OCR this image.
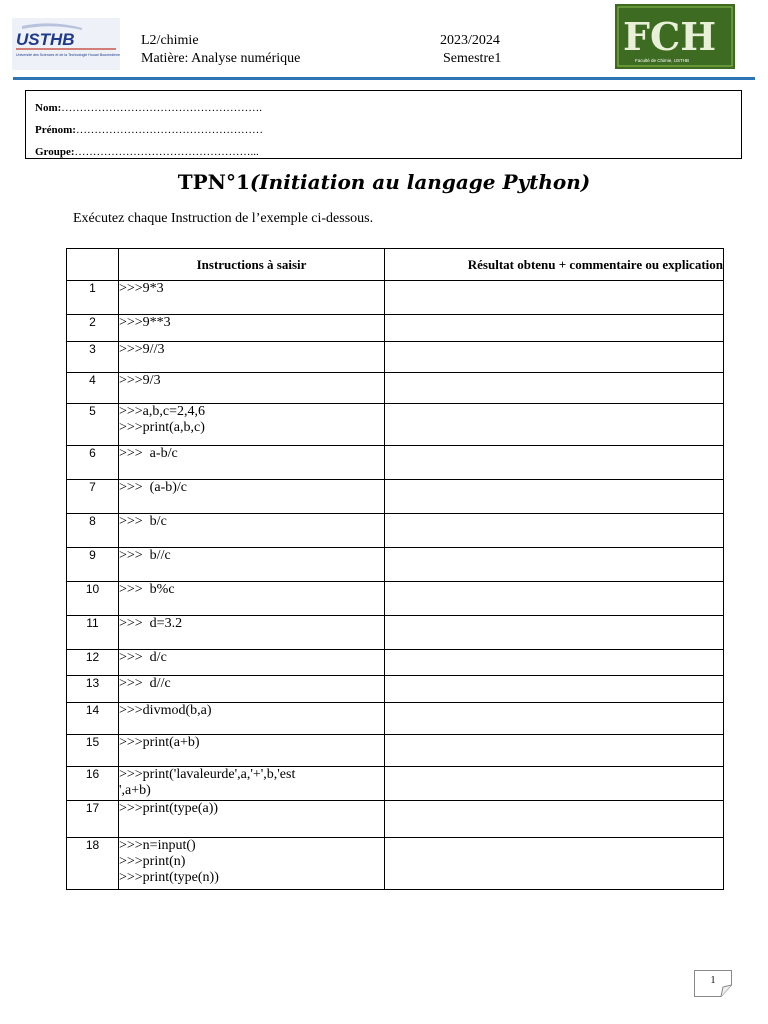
USTHB
Université des Sciences et de la Technologie Houari Boumediene
L2/chimie
Matière: Analyse numérique
2023/2024
Semestre1	FCH
Faculté de Chimie, USTHB
Nom:……………………………………………….
Prénom:……………………………………………
Groupe:…………………………………………...
TPN°1(Initiation au langage Python)
Exécutez chaque Instruction de l’exemple ci-dessous.
	Instructions à saisir	Résultat obtenu + commentaire ou explication
1	>>>9*3	
2	>>>9**3	
3	>>>9//3	
4	>>>9/3	
5	>>>a,b,c=2,4,6
>>>print(a,b,c)	
6	>>>  a-b/c	
7	>>>  (a-b)/c	
8	>>>  b/c	
9	>>>  b//c	
10	>>>  b%c	
11	>>>  d=3.2	
12	>>>  d/c	
13	>>>  d//c	
14	>>>divmod(b,a)	
15	>>>print(a+b)	
16	>>>print('lavaleurde',a,'+',b,'est
',a+b)	
17	>>>print(type(a))	
18	>>>n=input()
>>>print(n)
>>>print(type(n))	
1
